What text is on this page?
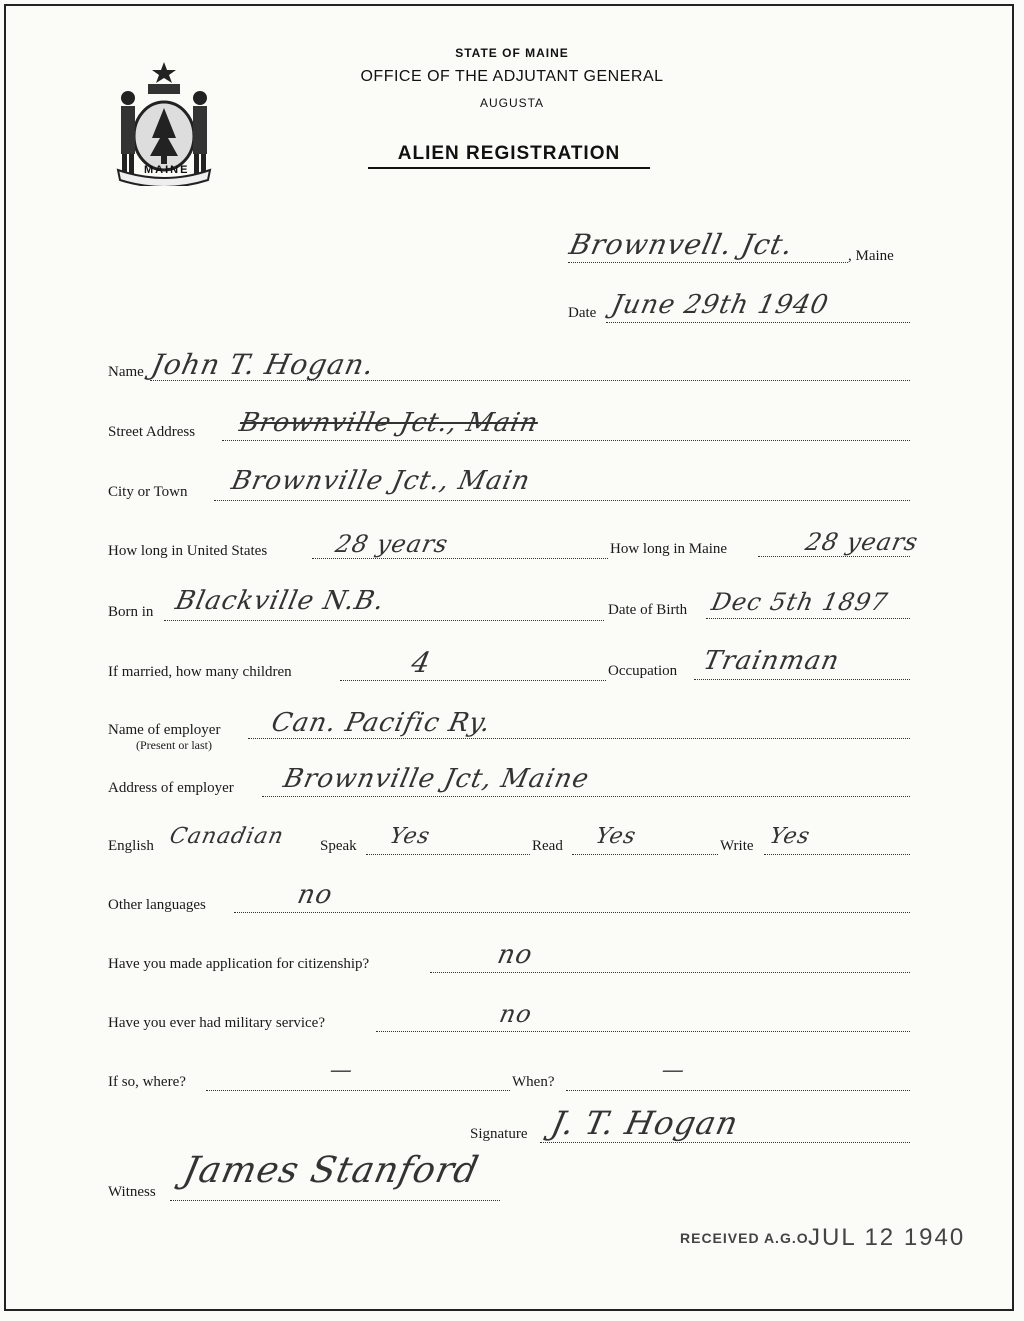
MAINE
STATE OF MAINE
OFFICE OF THE ADJUTANT GENERAL
AUGUSTA
ALIEN REGISTRATION
Brownvell. Jct.	, Maine
Date June 29th 1940
Name John T. Hogan.
Street Address Brownville Jct., Main
City or Town Brownville Jct., Main
How long in United States	28 years	How long in Maine	28 years
Born in Blackville N.B.	Date of Birth Dec 5th 1897
If married, how many children	4	Occupation Trainman
Name of employer
(Present or last)
Can. Pacific Ry.
Address of employer Brownville Jct, Maine
English Canadian Speak Yes	Read Yes	Write Yes
Other languages	no
Have you made application for citizenship?	no
Have you ever had military service?	no
If so, where?	—	When?	—
Signature J. T. Hogan
Witness
James Stanford
RECEIVED A.G.O.
JUL 12 1940
